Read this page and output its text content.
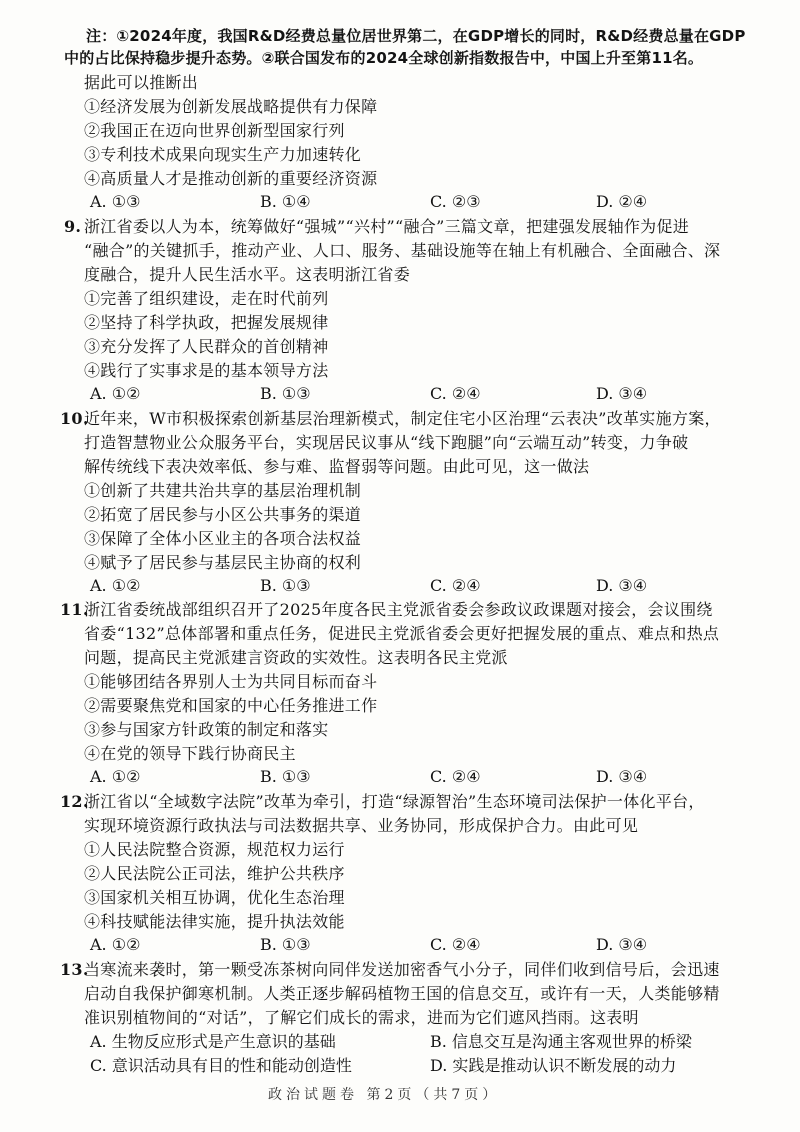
注：①2024年度，我国R&D经费总量位居世界第二，在GDP增长的同时，R&D经费总量在GDP
中的占比保持稳步提升态势。②联合国发布的2024全球创新指数报告中，中国上升至第11名。
据此可以推断出
①经济发展为创新发展战略提供有力保障
②我国正在迈向世界创新型国家行列
③专利技术成果向现实生产力加速转化
④高质量人才是推动创新的重要经济资源
A. ①③	B. ①④	C. ②③	D. ②④
9. 浙江省委以人为本，统筹做好“强城”“兴村”“融合”三篇文章，把建强发展轴作为促进
“融合”的关键抓手，推动产业、人口、服务、基础设施等在轴上有机融合、全面融合、深
度融合，提升人民生活水平。这表明浙江省委
①完善了组织建设，走在时代前列
②坚持了科学执政，把握发展规律
③充分发挥了人民群众的首创精神
④践行了实事求是的基本领导方法
A. ①②	B. ①③	C. ②④	D. ③④
10.
近年来，W市积极探索创新基层治理新模式，制定住宅小区治理“云表决”改革实施方案，
打造智慧物业公众服务平台，实现居民议事从“线下跑腿”向“云端互动”转变，力争破
解传统线下表决效率低、参与难、监督弱等问题。由此可见，这一做法
①创新了共建共治共享的基层治理机制
②拓宽了居民参与小区公共事务的渠道
③保障了全体小区业主的各项合法权益
④赋予了居民参与基层民主协商的权利
A. ①②	B. ①③	C. ②④	D. ③④
11.
浙江省委统战部组织召开了2025年度各民主党派省委会参政议政课题对接会，会议围绕
省委“132”总体部署和重点任务，促进民主党派省委会更好把握发展的重点、难点和热点
问题，提高民主党派建言资政的实效性。这表明各民主党派
①能够团结各界别人士为共同目标而奋斗
②需要聚焦党和国家的中心任务推进工作
③参与国家方针政策的制定和落实
④在党的领导下践行协商民主
A. ①②	B. ①③	C. ②④	D. ③④
12.
浙江省以“全域数字法院”改革为牵引，打造“绿源智治”生态环境司法保护一体化平台，
实现环境资源行政执法与司法数据共享、业务协同，形成保护合力。由此可见
①人民法院整合资源，规范权力运行
②人民法院公正司法，维护公共秩序
③国家机关相互协调，优化生态治理
④科技赋能法律实施，提升执法效能
A. ①②	B. ①③	C. ②④	D. ③④
13.
当寒流来袭时，第一颗受冻茶树向同伴发送加密香气小分子，同伴们收到信号后，会迅速
启动自我保护御寒机制。人类正逐步解码植物王国的信息交互，或许有一天，人类能够精
准识别植物间的“对话”，了解它们成长的需求，进而为它们遮风挡雨。这表明
A. 生物反应形式是产生意识的基础	B. 信息交互是沟通主客观世界的桥梁
C. 意识活动具有目的性和能动创造性	D. 实践是推动认识不断发展的动力
政治试题卷 第2页（共7页）
